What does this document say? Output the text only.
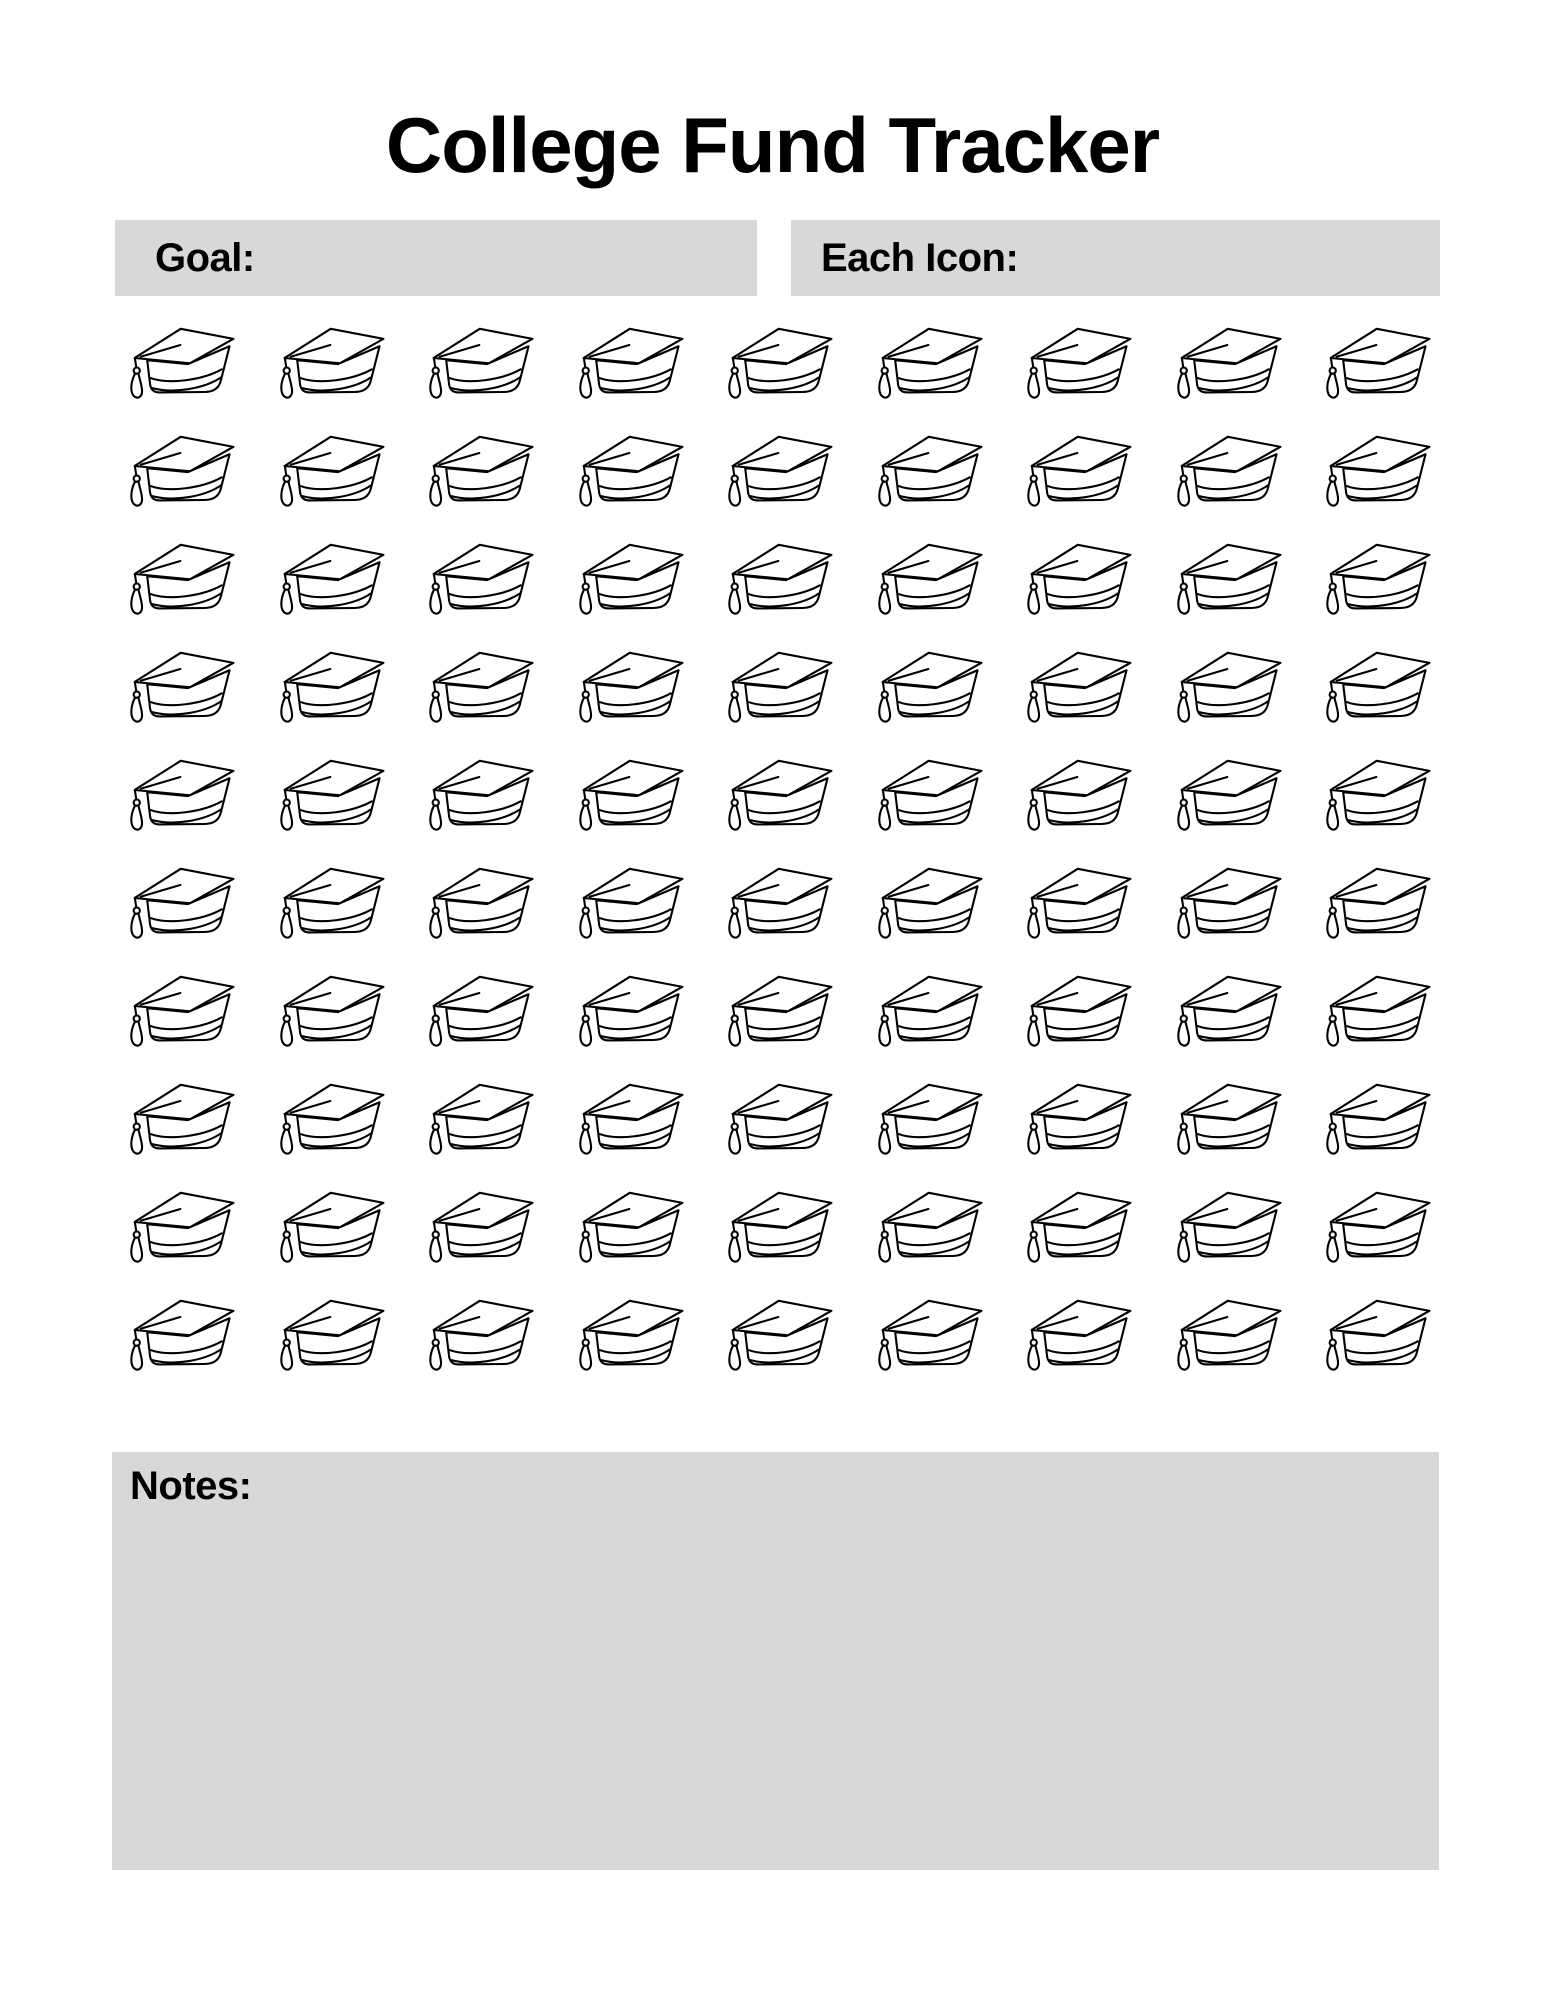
College Fund Tracker
Goal:	Each Icon:
Notes:
